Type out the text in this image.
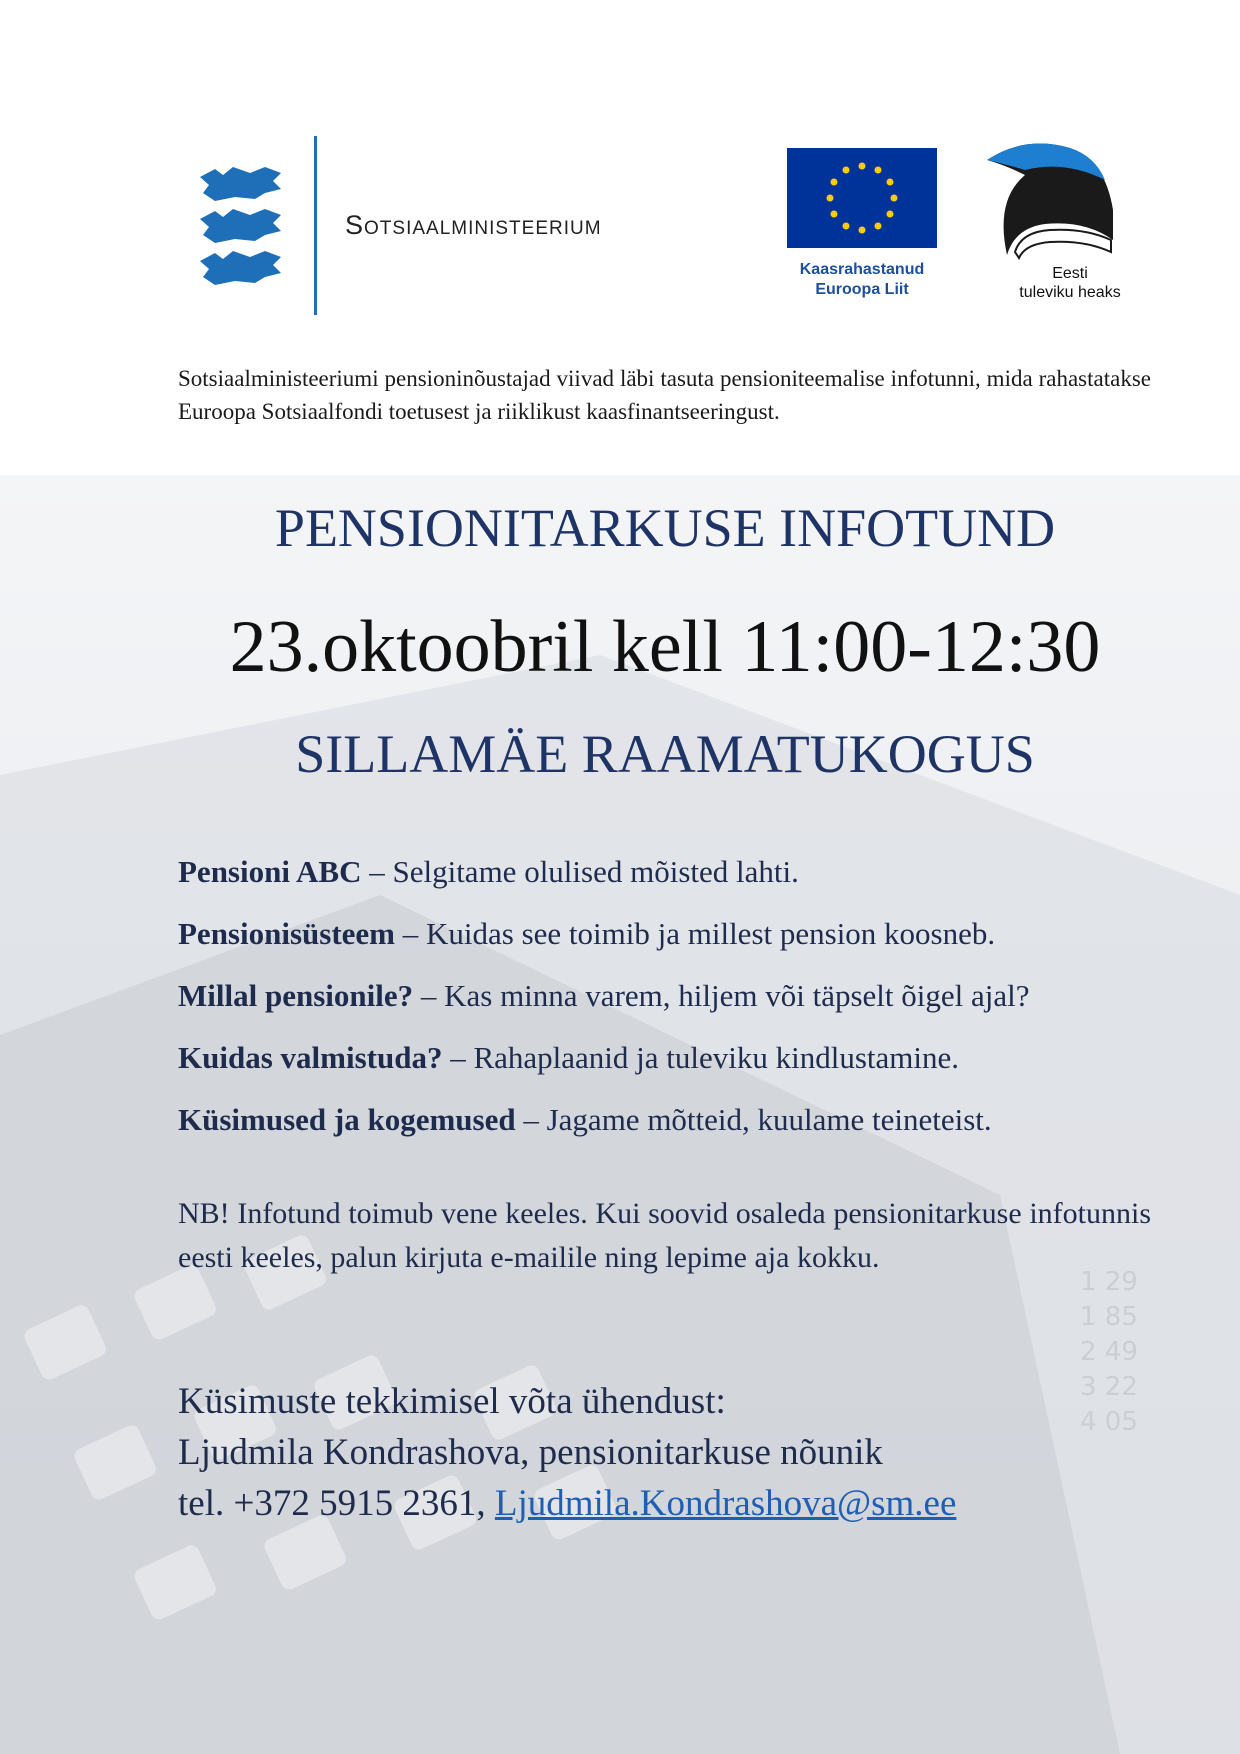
1 29
1 85
2 49
3 22
4 05
Sotsiaalministeerium
Kaasrahastanud
Euroopa Liit
Eesti
tuleviku heaks
Sotsiaalministeeriumi pensioninõustajad viivad läbi tasuta pensioniteemalise infotunni, mida rahastatakse Euroopa Sotsiaalfondi toetusest ja riiklikust kaasfinantseeringust.
PENSIONITARKUSE INFOTUND
23.oktoobril kell 11:00-12:30
SILLAMÄE RAAMATUKOGUS
Pensioni ABC – Selgitame olulised mõisted lahti.
Pensionisüsteem – Kuidas see toimib ja millest pension koosneb.
Millal pensionile? – Kas minna varem, hiljem või täpselt õigel ajal?
Kuidas valmistuda? – Rahaplaanid ja tuleviku kindlustamine.
Küsimused ja kogemused – Jagame mõtteid, kuulame teineteist.
NB! Infotund toimub vene keeles. Kui soovid osaleda pensionitarkuse infotunnis eesti keeles, palun kirjuta e-mailile ning lepime aja kokku.
Küsimuste tekkimisel võta ühendust:
Ljudmila Kondrashova, pensionitarkuse nõunik
tel. +372 5915 2361, Ljudmila.Kondrashova@sm.ee
